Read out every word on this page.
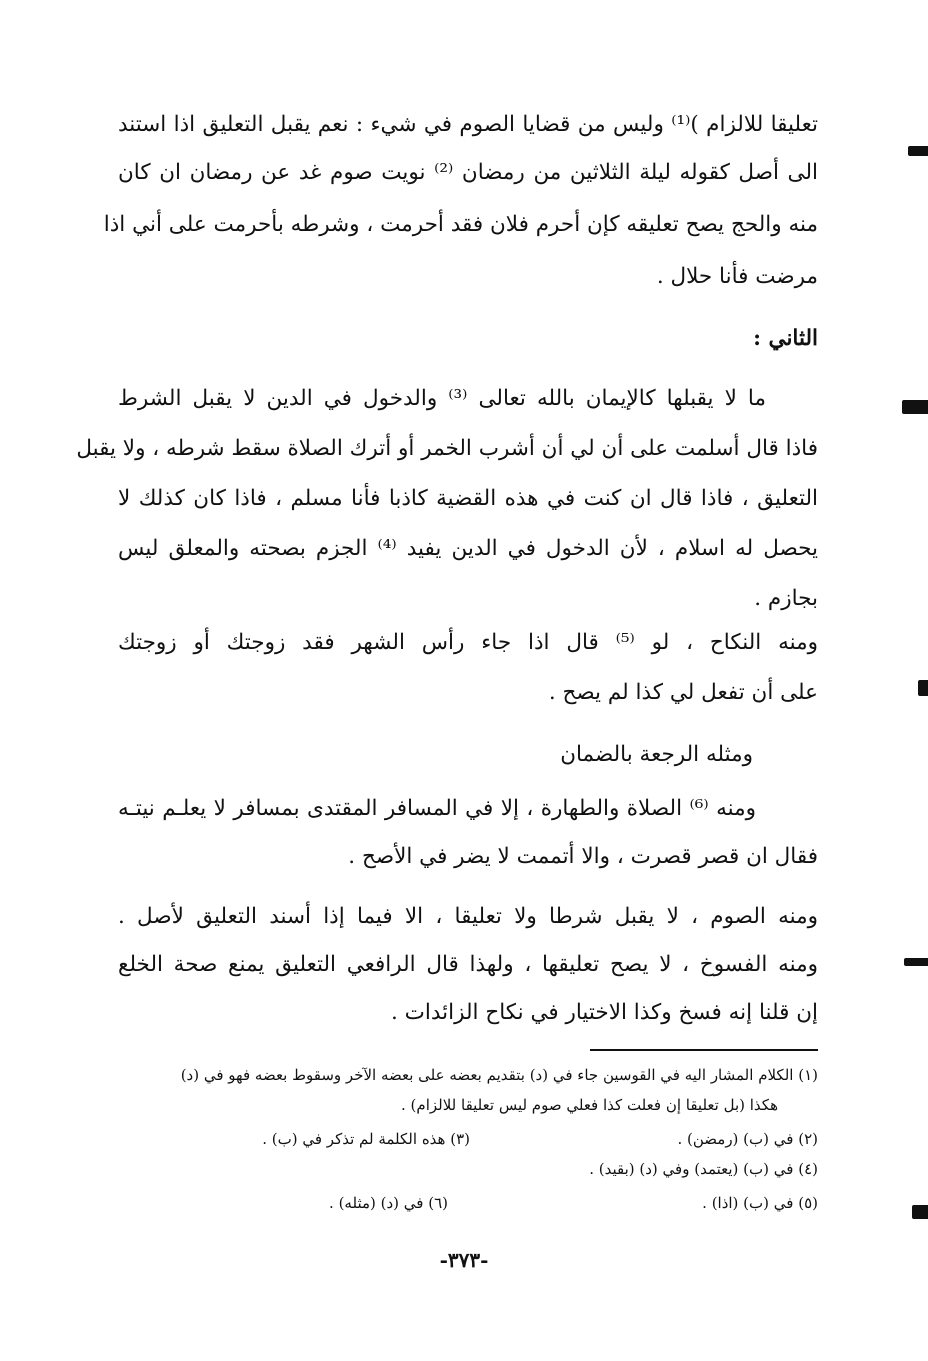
تعليقا للالزام )⁽¹⁾ وليس من قضايا الصوم في شيء : نعم يقبل التعليق اذا استند
الى أصل كقوله ليلة الثلاثين من رمضان ⁽²⁾ نويت صوم غد عن رمضان ان كان
منه والحج يصح تعليقه كإن أحرم فلان فقد أحرمت ، وشرطه بأحرمت على أني اذا
مرضت فأنا حلال .
الثاني :
ما لا يقبلها كالإيمان بالله تعالى ⁽³⁾ والدخول في الدين لا يقبل الشرط
فاذا قال أسلمت على أن لي أن أشرب الخمر أو أترك الصلاة سقط شرطه ، ولا يقبل
التعليق ، فاذا قال ان كنت في هذه القضية كاذبا فأنا مسلم ، فاذا كان كذلك لا
يحصل له اسلام ، لأن الدخول في الدين يفيد ⁽⁴⁾ الجزم بصحته والمعلق ليس
بجازم .
ومنه النكاح ، لو ⁽⁵⁾ قال اذا جاء رأس الشهر فقد زوجتك أو زوجتك
على أن تفعل لي كذا لم يصح .
ومثله الرجعة بالضمان
ومنه ⁽⁶⁾ الصلاة والطهارة ، إلا في المسافر المقتدى بمسافر لا يعلـم نيتـه
فقال ان قصر قصرت ، والا أتممت لا يضر في الأصح .
ومنه الصوم ، لا يقبل شرطا ولا تعليقا ، الا فيما إذا أسند التعليق لأصل .
ومنه الفسوخ ، لا يصح تعليقها ، ولهذا قال الرافعي التعليق يمنع صحة الخلع
إن قلنا إنه فسخ وكذا الاختيار في نكاح الزائدات .
(١) الكلام المشار اليه في القوسين جاء في (د) بتقديم بعضه على بعضه الآخر وسقوط بعضه فهو في (د)
هكذا (بل تعليقا إن فعلت كذا فعلي صوم ليس تعليقا للالزام) .
(٢) في (ب) (رمضن) .
(٣) هذه الكلمة لم تذكر في (ب) .
(٤) في (ب) (يعتمد) وفي (د) (بقيد) .
(٥) في (ب) (اذا) .
(٦) في (د) (مثله) .
-٣٧٣-
